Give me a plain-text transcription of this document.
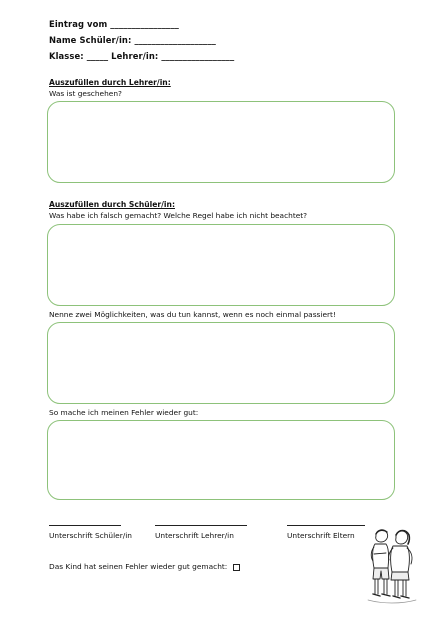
Eintrag vom ________________
Name Schüler/in: ___________________
Klasse: _____ Lehrer/in: _________________
Auszufüllen durch Lehrer/in:
Was ist geschehen?
Auszufüllen durch Schüler/in:
Was habe ich falsch gemacht? Welche Regel habe ich nicht beachtet?
Nenne zwei Möglichkeiten, was du tun kannst, wenn es noch einmal passiert!
So mache ich meinen Fehler wieder gut:
Unterschrift Schüler/in	Unterschrift Lehrer/in	Unterschrift Eltern
Das Kind hat seinen Fehler wieder gut gemacht:
